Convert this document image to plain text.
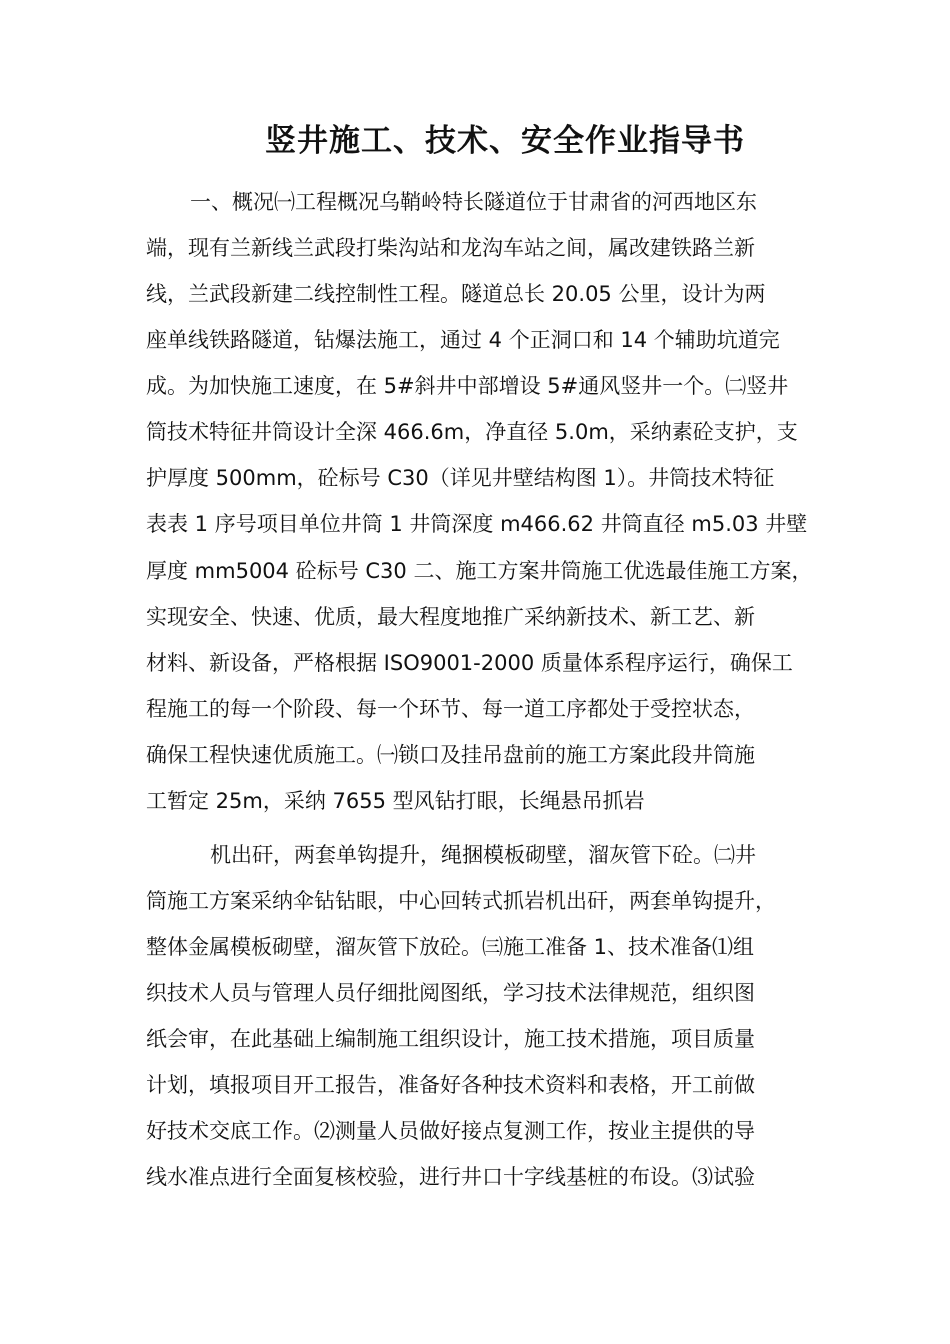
竖井施工、技术、安全作业指导书
一、概况㈠工程概况乌鞘岭特长隧道位于甘肃省的河西地区东
端，现有兰新线兰武段打柴沟站和龙沟车站之间，属改建铁路兰新
线，兰武段新建二线控制性工程。隧道总长 20.05 公里，设计为两
座单线铁路隧道，钻爆法施工，通过 4 个正洞口和 14 个辅助坑道完
成。为加快施工速度，在 5#斜井中部增设 5#通风竖井一个。㈡竖井
筒技术特征井筒设计全深 466.6m，净直径 5.0m，采纳素砼支护，支
护厚度 500mm，砼标号 C30（详见井壁结构图 1）。井筒技术特征
表表 1 序号项目单位井筒 1 井筒深度 m466.62 井筒直径 m5.03 井壁
厚度 mm5004 砼标号 C30 二、施工方案井筒施工优选最佳施工方案，
实现安全、快速、优质，最大程度地推广采纳新技术、新工艺、新
材料、新设备，严格根据 ISO9001-2000 质量体系程序运行，确保工
程施工的每一个阶段、每一个环节、每一道工序都处于受控状态，
确保工程快速优质施工。㈠锁口及挂吊盘前的施工方案此段井筒施
工暂定 25m，采纳 7655 型风钻打眼，长绳悬吊抓岩
机出矸，两套单钩提升，绳捆模板砌壁，溜灰管下砼。㈡井
筒施工方案采纳伞钻钻眼，中心回转式抓岩机出矸，两套单钩提升，
整体金属模板砌壁，溜灰管下放砼。㈢施工准备 1、技术准备⑴组
织技术人员与管理人员仔细批阅图纸，学习技术法律规范，组织图
纸会审，在此基础上编制施工组织设计，施工技术措施，项目质量
计划，填报项目开工报告，准备好各种技术资料和表格，开工前做
好技术交底工作。⑵测量人员做好接点复测工作，按业主提供的导
线水准点进行全面复核校验，进行井口十字线基桩的布设。⑶试验
